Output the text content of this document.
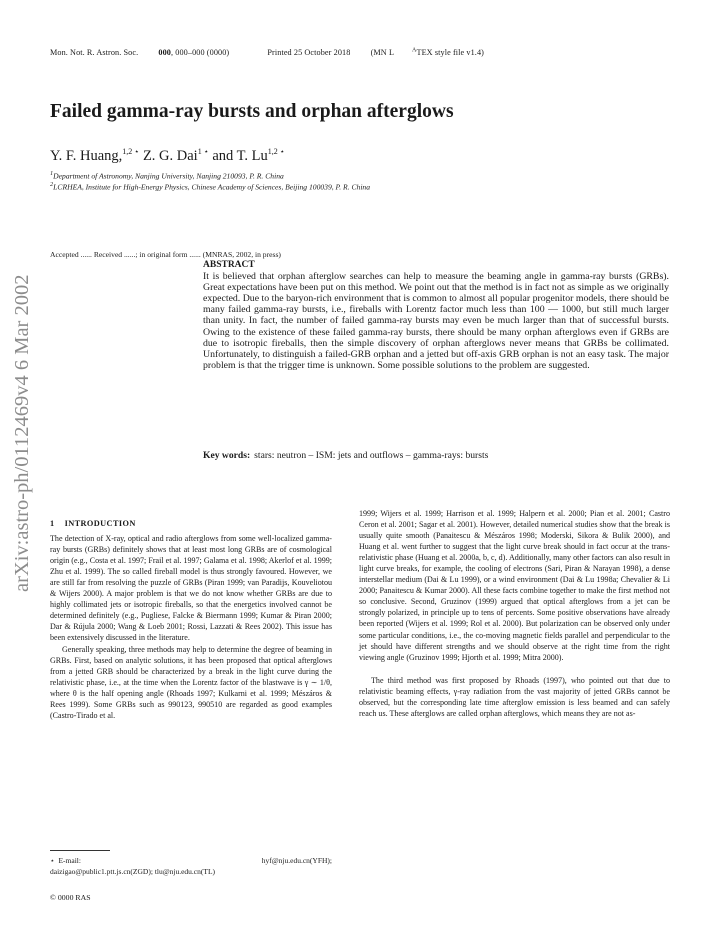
Mon. Not. R. Astron. Soc. 000, 000–000 (0000)	Printed 25 October 2018 (MN L	$^A$TEX style file v1.4)
Failed gamma-ray bursts and orphan afterglows
Y. F. Huang,$^{1,2 ⋆}$ Z. G. Dai$^{1 ⋆}$ and T. $Lu^{1,2 ⋆}$
$^1$Department of Astronomy, Nanjing University, Nanjing 210093, P. R. China
$^2$LCRHEA, Institute for High-Energy Physics, Chinese Academy of Sciences, Beijing 100039, P. R. China
Accepted ...... Received ......; in original form ...... (MNRAS, 2002, in press)
arXiv:astro-ph/0112469v4 6 Mar 2002
ABSTRACT

It is believed that orphan afterglow searches can help to measure the beaming angle in gamma-ray bursts (GRBs). Great expectations have been put on this method. We point out that the method is in fact not as simple as we originally expected. Due to the baryon-rich environment that is common to almost all popular progenitor models, there should be many failed gamma-ray bursts, i.e., fireballs with Lorentz factor much less than 100 — 1000, but still much larger than unity. In fact, the number of failed gamma-ray bursts may even be much larger than that of successful bursts. Owing to the existence of these failed gamma-ray bursts, there should be many orphan afterglows even if GRBs are due to isotropic fireballs, then the simple discovery of orphan afterglows never means that GRBs be collimated. Unfortunately, to distinguish a failed-GRB orphan and a jetted but off-axis GRB orphan is not an easy task. The major problem is that the trigger time is unknown. Some possible solutions to the problem are suggested.

Key words: stars: neutron – ISM: jets and outflows – gamma-rays: bursts
1 INTRODUCTION

The detection of X-ray, optical and radio afterglows from some well-localized gamma-ray bursts (GRBs) definitely shows that at least most long GRBs are of cosmological origin (e.g., Costa et al. 1997; Frail et al. 1997; Galama et al. 1998; Akerlof et al. 1999; Zhu et al. 1999). The so called fireball model is thus strongly favoured. However, we are still far from resolving the puzzle of GRBs (Piran 1999; van Paradijs, Kouveliotou & Wijers 2000). A major problem is that we do not know whether GRBs are due to highly collimated jets or isotropic fireballs, so that the energetics involved cannot be determined definitely (e.g., Pugliese, Falcke & Biermann 1999; Kumar & Piran 2000; Dar & Rújula 2000; Wang & Loeb 2001; Rossi, Lazzati & Rees 2002). This issue has been extensively discussed in the literature.

Generally speaking, three methods may help to determine the degree of beaming in GRBs. First, based on analytic solutions, it has been proposed that optical afterglows from a jetted GRB should be characterized by a break in the light curve during the relativistic phase, i.e., at the time when the Lorentz factor of the blastwave is γ ∼ 1/θ, where θ is the half opening angle (Rhoads 1997; Kulkarni et al. 1999; Mészáros & Rees 1999). Some GRBs such as 990123, 990510 are regarded as good examples (Castro-Tirado et al.

1999; Wijers et al. 1999; Harrison et al. 1999; Halpern et al. 2000; Pian et al. 2001; Castro Ceron et al. 2001; Sagar et al. 2001). However, detailed numerical studies show that the break is usually quite smooth (Panaitescu & Mészáros 1998; Moderski, Sikora & Bulik 2000), and Huang et al. went further to suggest that the light curve break should in fact occur at the trans-relativistic phase (Huang et al. 2000a, b, c, d). Additionally, many other factors can also result in light curve breaks, for example, the cooling of electrons (Sari, Piran & Narayan 1998), a dense interstellar medium (Dai & Lu 1999), or a wind environment (Dai & Lu 1998a; Chevalier & Li 2000; Panaitescu & Kumar 2000). All these facts combine together to make the first method not so conclusive. Second, Gruzinov (1999) argued that optical afterglows from a jet can be strongly polarized, in principle up to tens of percents. Some positive observations have already been reported (Wijers et al. 1999; Rol et al. 2000). But polarization can be observed only under some particular conditions, i.e., the co-moving magnetic fields parallel and perpendicular to the jet should have different strengths and we should observe at the right time from the right viewing angle (Gruzinov 1999; Hjorth et al. 1999; Mitra 2000).

The third method was first proposed by Rhoads (1997), who pointed out that due to relativistic beaming effects, γ-ray radiation from the vast majority of jetted GRBs cannot be observed, but the corresponding late time afterglow emission is less beamed and can safely reach us. These afterglows are called orphan afterglows, which means they are not as-

⋆ E-mail:	hyf@nju.edu.cn(YFH);
daizigao@public1.ptt.js.cn(ZGD); tlu@nju.edu.cn(TL)
© 0000 RAS
